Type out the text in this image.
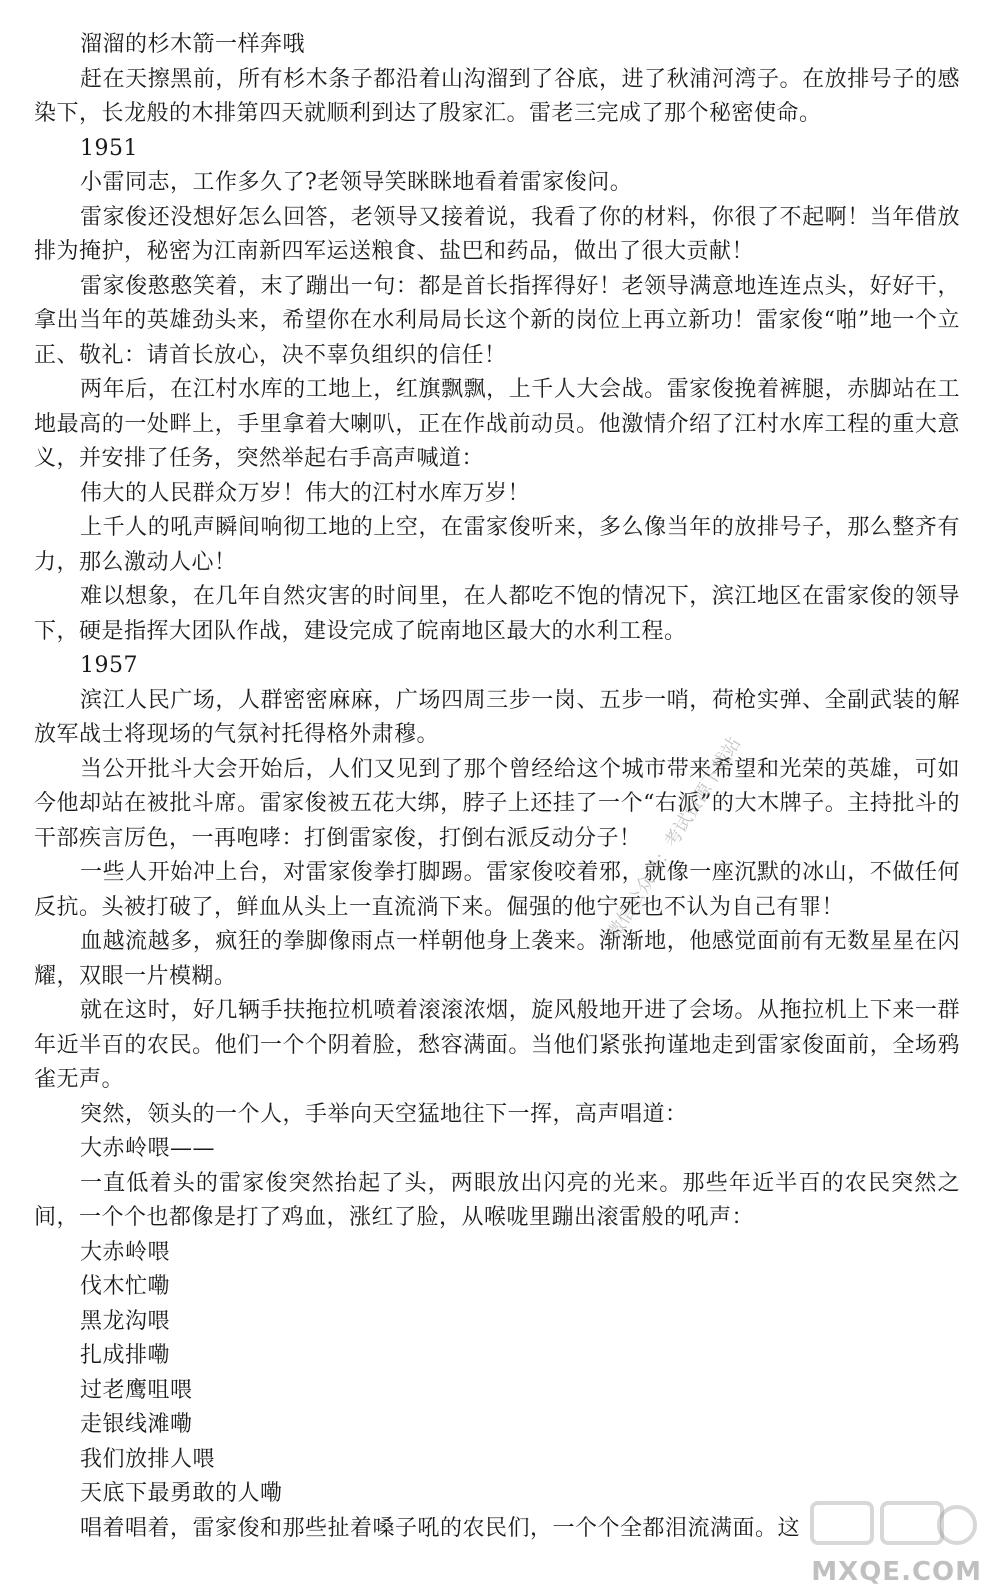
溜溜的杉木箭一样奔哦

赶在天擦黑前，所有杉木条子都沿着山沟溜到了谷底，进了秋浦河湾子。在放排号子的感染下，长龙般的木排第四天就顺利到达了殷家汇。雷老三完成了那个秘密使命。

1951

小雷同志，工作多久了?老领导笑眯眯地看着雷家俊问。

雷家俊还没想好怎么回答，老领导又接着说，我看了你的材料，你很了不起啊！当年借放排为掩护，秘密为江南新四军运送粮食、盐巴和药品，做出了很大贡献！

雷家俊憨憨笑着，末了蹦出一句：都是首长指挥得好！老领导满意地连连点头，好好干，拿出当年的英雄劲头来，希望你在水利局局长这个新的岗位上再立新功！雷家俊“啪”地一个立正、敬礼：请首长放心，决不辜负组织的信任！

两年后，在江村水库的工地上，红旗飘飘，上千人大会战。雷家俊挽着裤腿，赤脚站在工地最高的一处畔上，手里拿着大喇叭，正在作战前动员。他激情介绍了江村水库工程的重大意义，并安排了任务，突然举起右手高声喊道：

伟大的人民群众万岁！伟大的江村水库万岁！

上千人的吼声瞬间响彻工地的上空，在雷家俊听来，多么像当年的放排号子，那么整齐有力，那么激动人心！

难以想象，在几年自然灾害的时间里，在人都吃不饱的情况下，滨江地区在雷家俊的领导下，硬是指挥大团队作战，建设完成了皖南地区最大的水利工程。

1957

滨江人民广场，人群密密麻麻，广场四周三步一岗、五步一哨，荷枪实弹、全副武装的解放军战士将现场的气氛衬托得格外肃穆。

当公开批斗大会开始后，人们又见到了那个曾经给这个城市带来希望和光荣的英雄，可如今他却站在被批斗席。雷家俊被五花大绑，脖子上还挂了一个“右派”的大木牌子。主持批斗的干部疾言厉色，一再咆哮：打倒雷家俊，打倒右派反动分子！

一些人开始冲上台，对雷家俊拳打脚踢。雷家俊咬着邪，就像一座沉默的冰山，不做任何反抗。头被打破了，鲜血从头上一直流淌下来。倔强的他宁死也不认为自己有罪！

血越流越多，疯狂的拳脚像雨点一样朝他身上袭来。渐渐地，他感觉面前有无数星星在闪耀，双眼一片模糊。

就在这时，好几辆手扶拖拉机喷着滚滚浓烟，旋风般地开进了会场。从拖拉机上下来一群年近半百的农民。他们一个个阴着脸，愁容满面。当他们紧张拘谨地走到雷家俊面前，全场鸦雀无声。

突然，领头的一个人，手举向天空猛地往下一挥，高声唱道：

大赤岭喂——

一直低着头的雷家俊突然抬起了头，两眼放出闪亮的光来。那些年近半百的农民突然之间，一个个也都像是打了鸡血，涨红了脸，从喉咙里蹦出滚雷般的吼声：

大赤岭喂

伐木忙嘞

黑龙沟喂

扎成排嘞

过老鹰咀喂

走银线滩嘞

我们放排人喂

天底下最勇敢的人嘞

唱着唱着，雷家俊和那些扯着嗓子吼的农民们，一个个全都泪流满面。这

微信公众号：考试资源下载站
MXQE.COM
